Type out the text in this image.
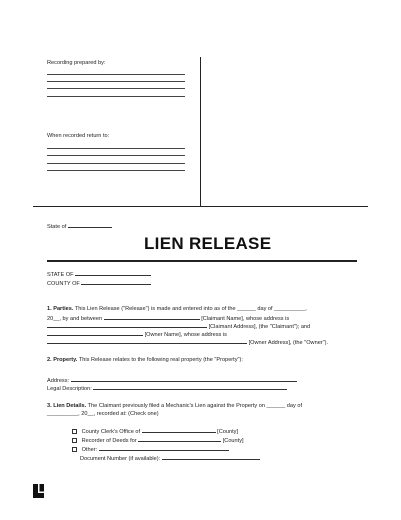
Recording prepared by:
When recorded return to:
State of
LIEN RELEASE
STATE OF
COUNTY OF
1. Parties. This Lien Release ("Release") is made and entered into as of the ______ day of __________,
20__, by and between	[Claimant Name], whose address is
[Claimant Address], (the "Claimant"); and
[Owner Name], whose address is
[Owner Address], (the "Owner").
2. Property. This Release relates to the following real property (the "Property"):
Address:
Legal Description:
3. Lien Details. The Claimant previously filed a Mechanic's Lien against the Property on ______ day of
__________, 20__, recorded at: (Check one)
County Clerk's Office of	[County]
Recorder of Deeds for	[County]
Other:
Document Number (if available):
